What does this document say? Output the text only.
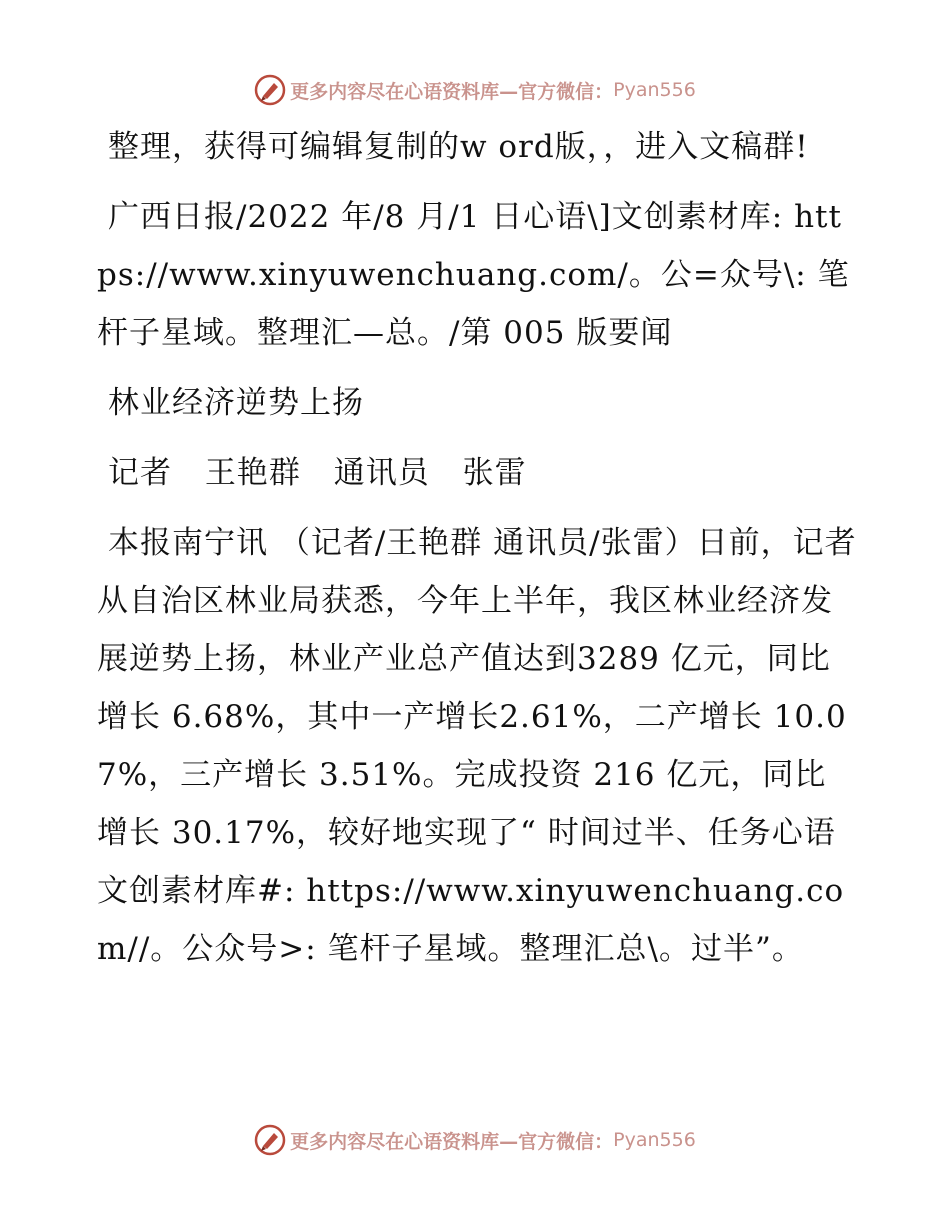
更多内容尽在心语资料库—官方微信： Pyan556

整理，获得可编辑复制的w ord版，，进入文稿群!

广西日报/2022 年/8 月/1 日心语\]文创素材库: https://www.xinyuwenchuang.com/。公=众号\: 笔杆子星域。整理汇—总。/第 005 版要闻

林业经济逆势上扬

记者 王艳群 通讯员 张雷

本报南宁讯 （记者/王艳群 通讯员/张雷）日前，记者从自治区林业局获悉，今年上半年，我区林业经济发展逆势上扬，林业产业总产值达到3289 亿元，同比增长 6.68%，其中一产增长2.61%，二产增长 10.07%，三产增长 3.51%。完成投资 216 亿元，同比增长 30.17%，较好地实现了“ 时间过半、任务心语文创素材库#: https://www.xinyuwenchuang.com//。公众号>: 笔杆子星域。整理汇总\。过半”。

更多内容尽在心语资料库—官方微信： Pyan556
